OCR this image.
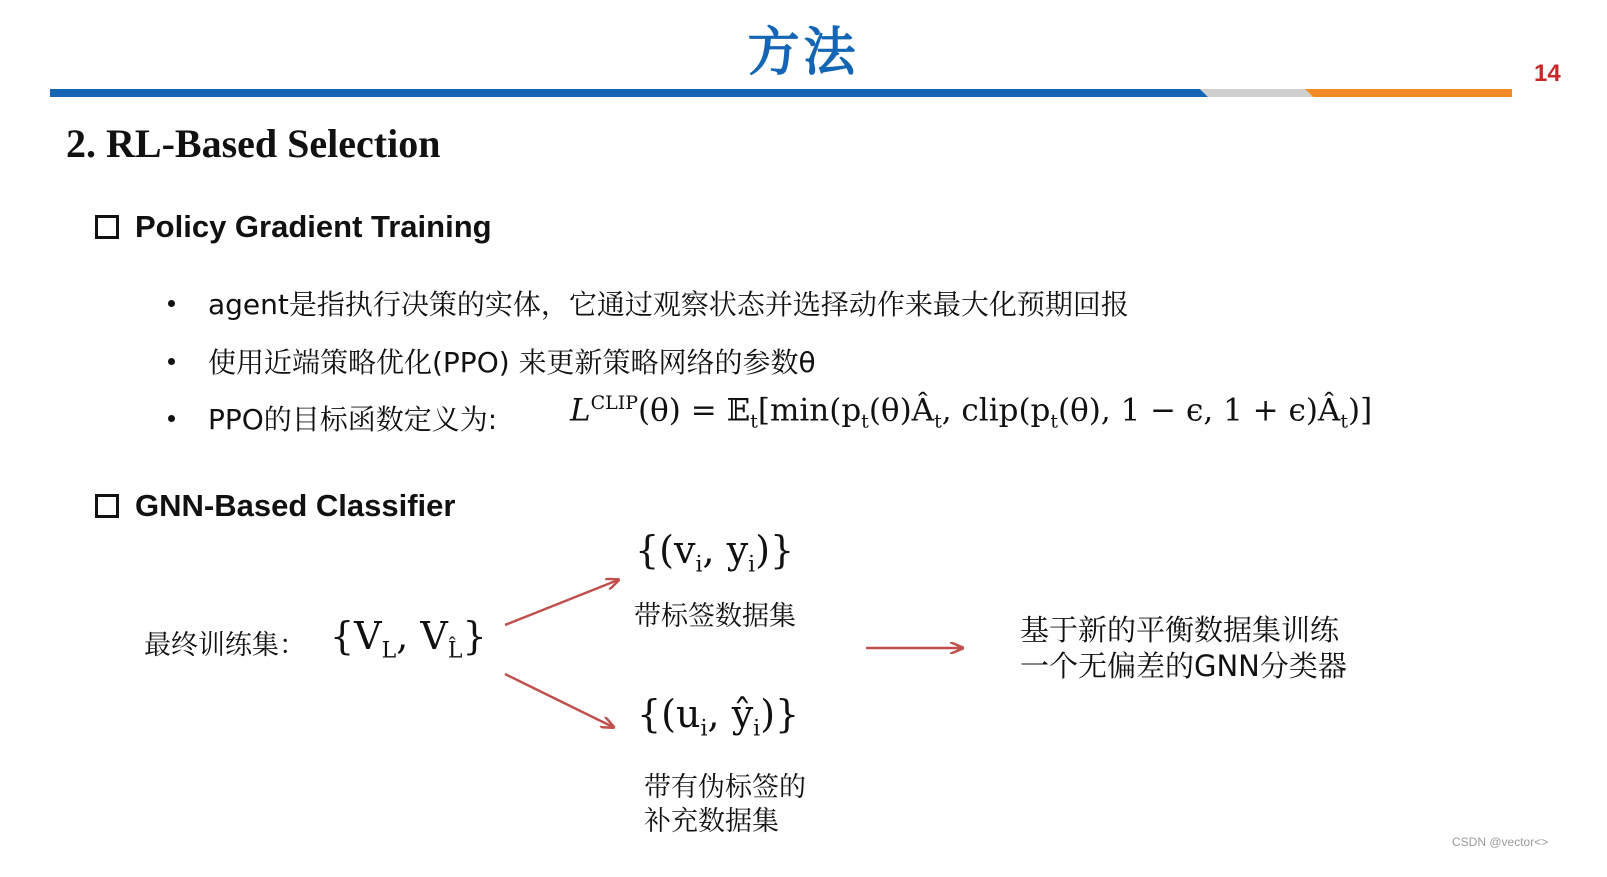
方法	14
2. RL-Based Selection
Policy Gradient Training
agent是指执行决策的实体，它通过观察状态并选择动作来最大化预期回报
使用近端策略优化(PPO) 来更新策略网络的参数θ
PPO的目标函数定义为: $L^{CLIP}(\theta)$ = $𝔼_t[\min(p_t(\theta)Â_t$, $clip(p_t(\theta)$, 1 − ϵ, $1 + \epsilon)Â_t$)]
GNN-Based Classifier
最终训练集： {$V_L$, $V_{L̂}$}
{($v_i$, $y_i$)}
带标签数据集
{($u_i$, $ŷ_i$)}
带有伪标签的
补充数据集
基于新的平衡数据集训练
一个无偏差的GNN分类器
CSDN @vector<>
